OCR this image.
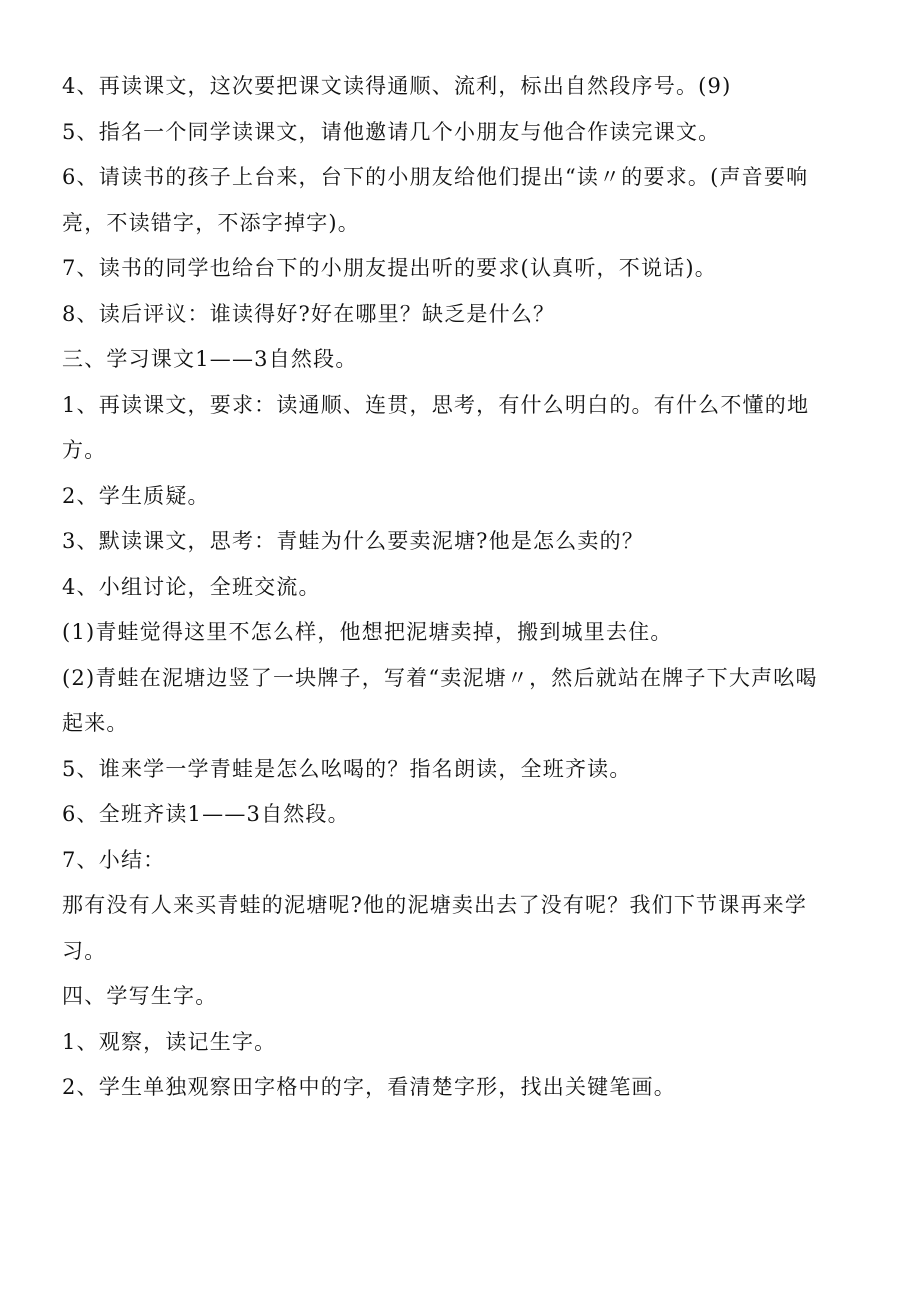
4、再读课文，这次要把课文读得通顺、流利，标出自然段序号。(9)
5、指名一个同学读课文，请他邀请几个小朋友与他合作读完课文。
6、请读书的孩子上台来，台下的小朋友给他们提出“读〃的要求。(声音要响
亮，不读错字，不添字掉字)。
7、读书的同学也给台下的小朋友提出听的要求(认真听，不说话)。
8、读后评议：谁读得好?好在哪里？缺乏是什么？
三、学习课文1——3自然段。
1、再读课文，要求：读通顺、连贯，思考，有什么明白的。有什么不懂的地
方。
2、学生质疑。
3、默读课文，思考：青蛙为什么要卖泥塘?他是怎么卖的？
4、小组讨论，全班交流。
(1)青蛙觉得这里不怎么样，他想把泥塘卖掉，搬到城里去住。
(2)青蛙在泥塘边竖了一块牌子，写着“卖泥塘〃，然后就站在牌子下大声吆喝
起来。
5、谁来学一学青蛙是怎么吆喝的？指名朗读，全班齐读。
6、全班齐读1——3自然段。
7、小结：
那有没有人来买青蛙的泥塘呢?他的泥塘卖出去了没有呢？我们下节课再来学
习。
四、学写生字。
1、观察，读记生字。
2、学生单独观察田字格中的字，看清楚字形，找出关键笔画。
